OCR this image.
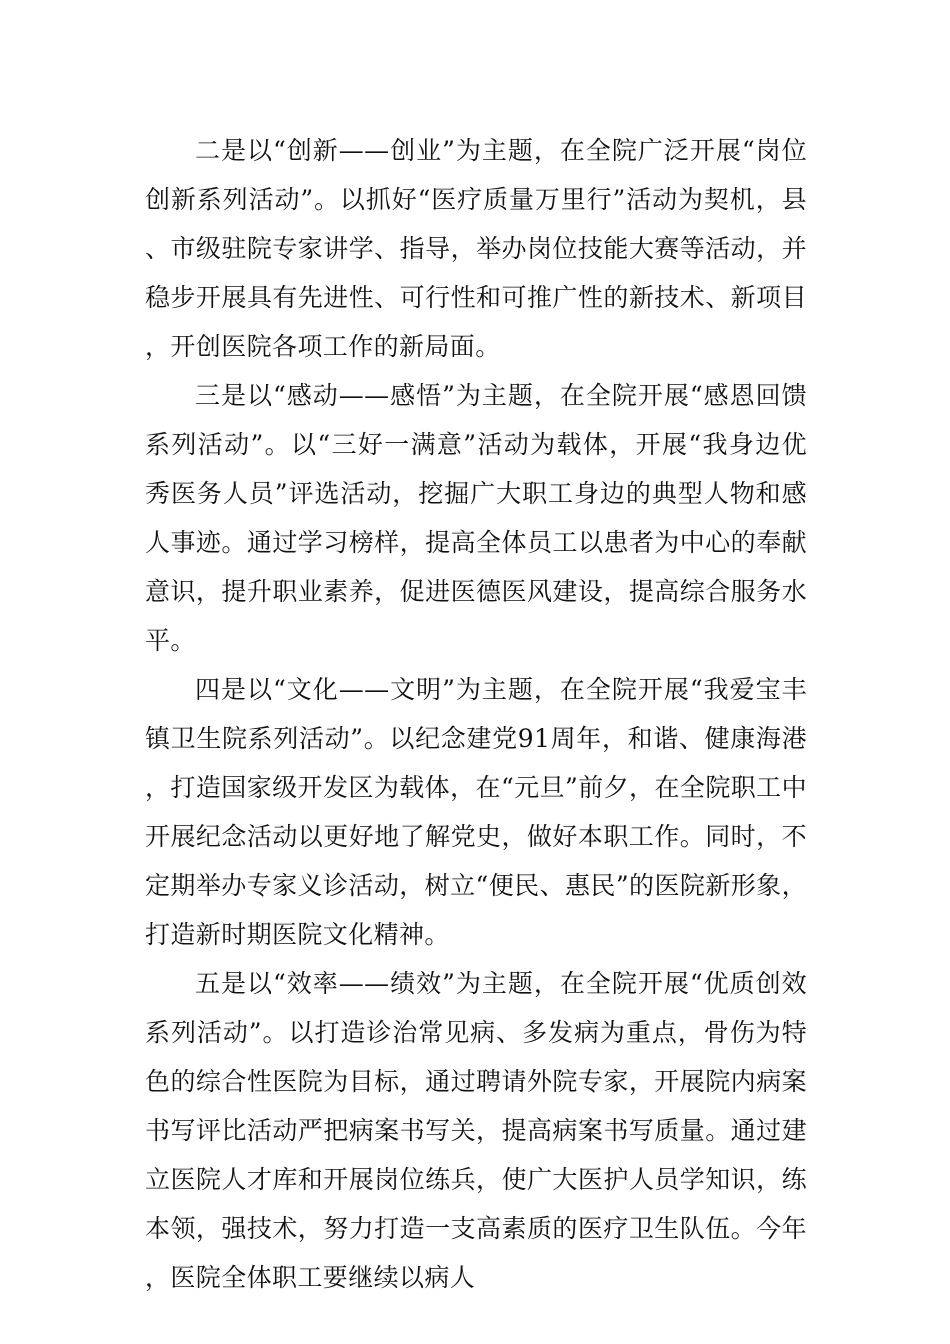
二是以“创新——创业”为主题，在全院广泛开展“岗位创新系列活动”。以抓好“医疗质量万里行”活动为契机，县、市级驻院专家讲学、指导，举办岗位技能大赛等活动，并稳步开展具有先进性、可行性和可推广性的新技术、新项目，开创医院各项工作的新局面。

三是以“感动——感悟”为主题，在全院开展“感恩回馈系列活动”。以“三好一满意”活动为载体，开展“我身边优秀医务人员”评选活动，挖掘广大职工身边的典型人物和感人事迹。通过学习榜样，提高全体员工以患者为中心的奉献意识，提升职业素养，促进医德医风建设，提高综合服务水平。

四是以“文化——文明”为主题，在全院开展“我爱宝丰镇卫生院系列活动”。以纪念建党91周年，和谐、健康海港，打造国家级开发区为载体，在“元旦”前夕，在全院职工中开展纪念活动以更好地了解党史，做好本职工作。同时，不定期举办专家义诊活动，树立“便民、惠民”的医院新形象，打造新时期医院文化精神。

五是以“效率——绩效”为主题，在全院开展“优质创效系列活动”。以打造诊治常见病、多发病为重点，骨伤为特色的综合性医院为目标，通过聘请外院专家，开展院内病案书写评比活动严把病案书写关，提高病案书写质量。通过建立医院人才库和开展岗位练兵，使广大医护人员学知识，练本领，强技术，努力打造一支高素质的医疗卫生队伍。今年，医院全体职工要继续以病人
